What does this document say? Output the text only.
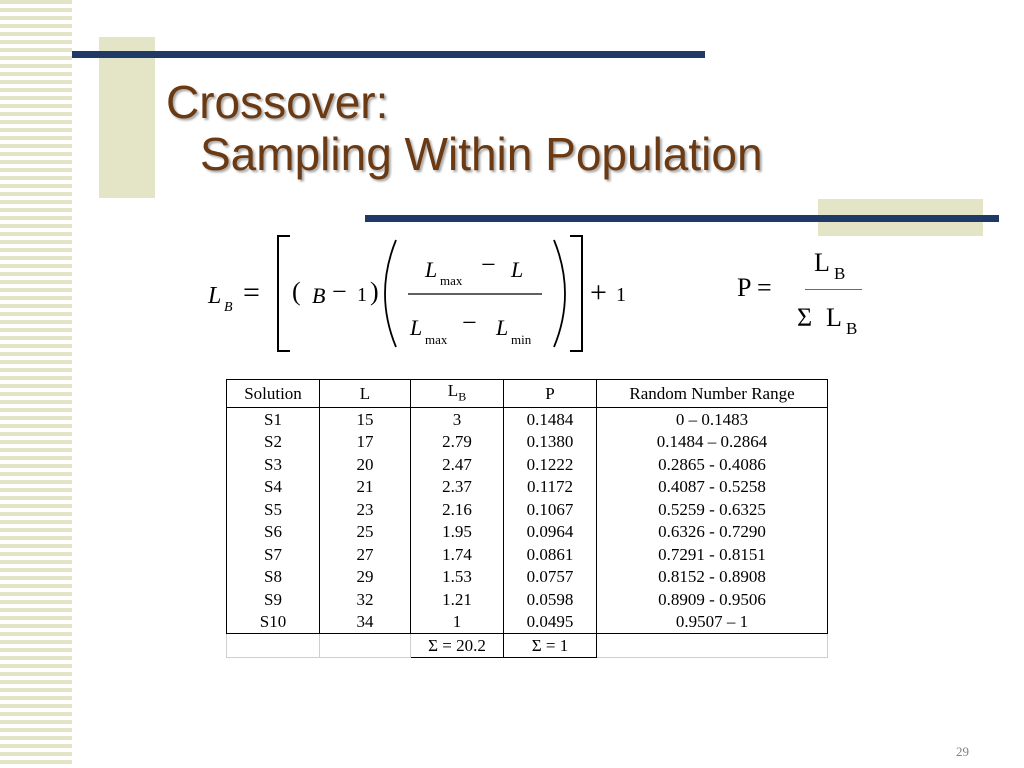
Crossover:
Sampling Within Population
L B = ( B − 1 )
L max
− L
L max
− L min
+ 1	P =
L B
Σ L B
Solution	L	$L_B$	P	Random Number Range
S1	15	3	0.1484	0 – 0.1483
S2	17	2.79	0.1380	0.1484 – 0.2864
S3	20	2.47	0.1222	0.2865 - 0.4086
S4	21	2.37	0.1172	0.4087 - 0.5258
S5	23	2.16	0.1067	0.5259 - 0.6325
S6	25	1.95	0.0964	0.6326 - 0.7290
S7	27	1.74	0.0861	0.7291 - 0.8151
S8	29	1.53	0.0757	0.8152 - 0.8908
S9	32	1.21	0.0598	0.8909 - 0.9506
S10	34	1	0.0495	0.9507 – 1
		Σ = 20.2	Σ = 1	
29
